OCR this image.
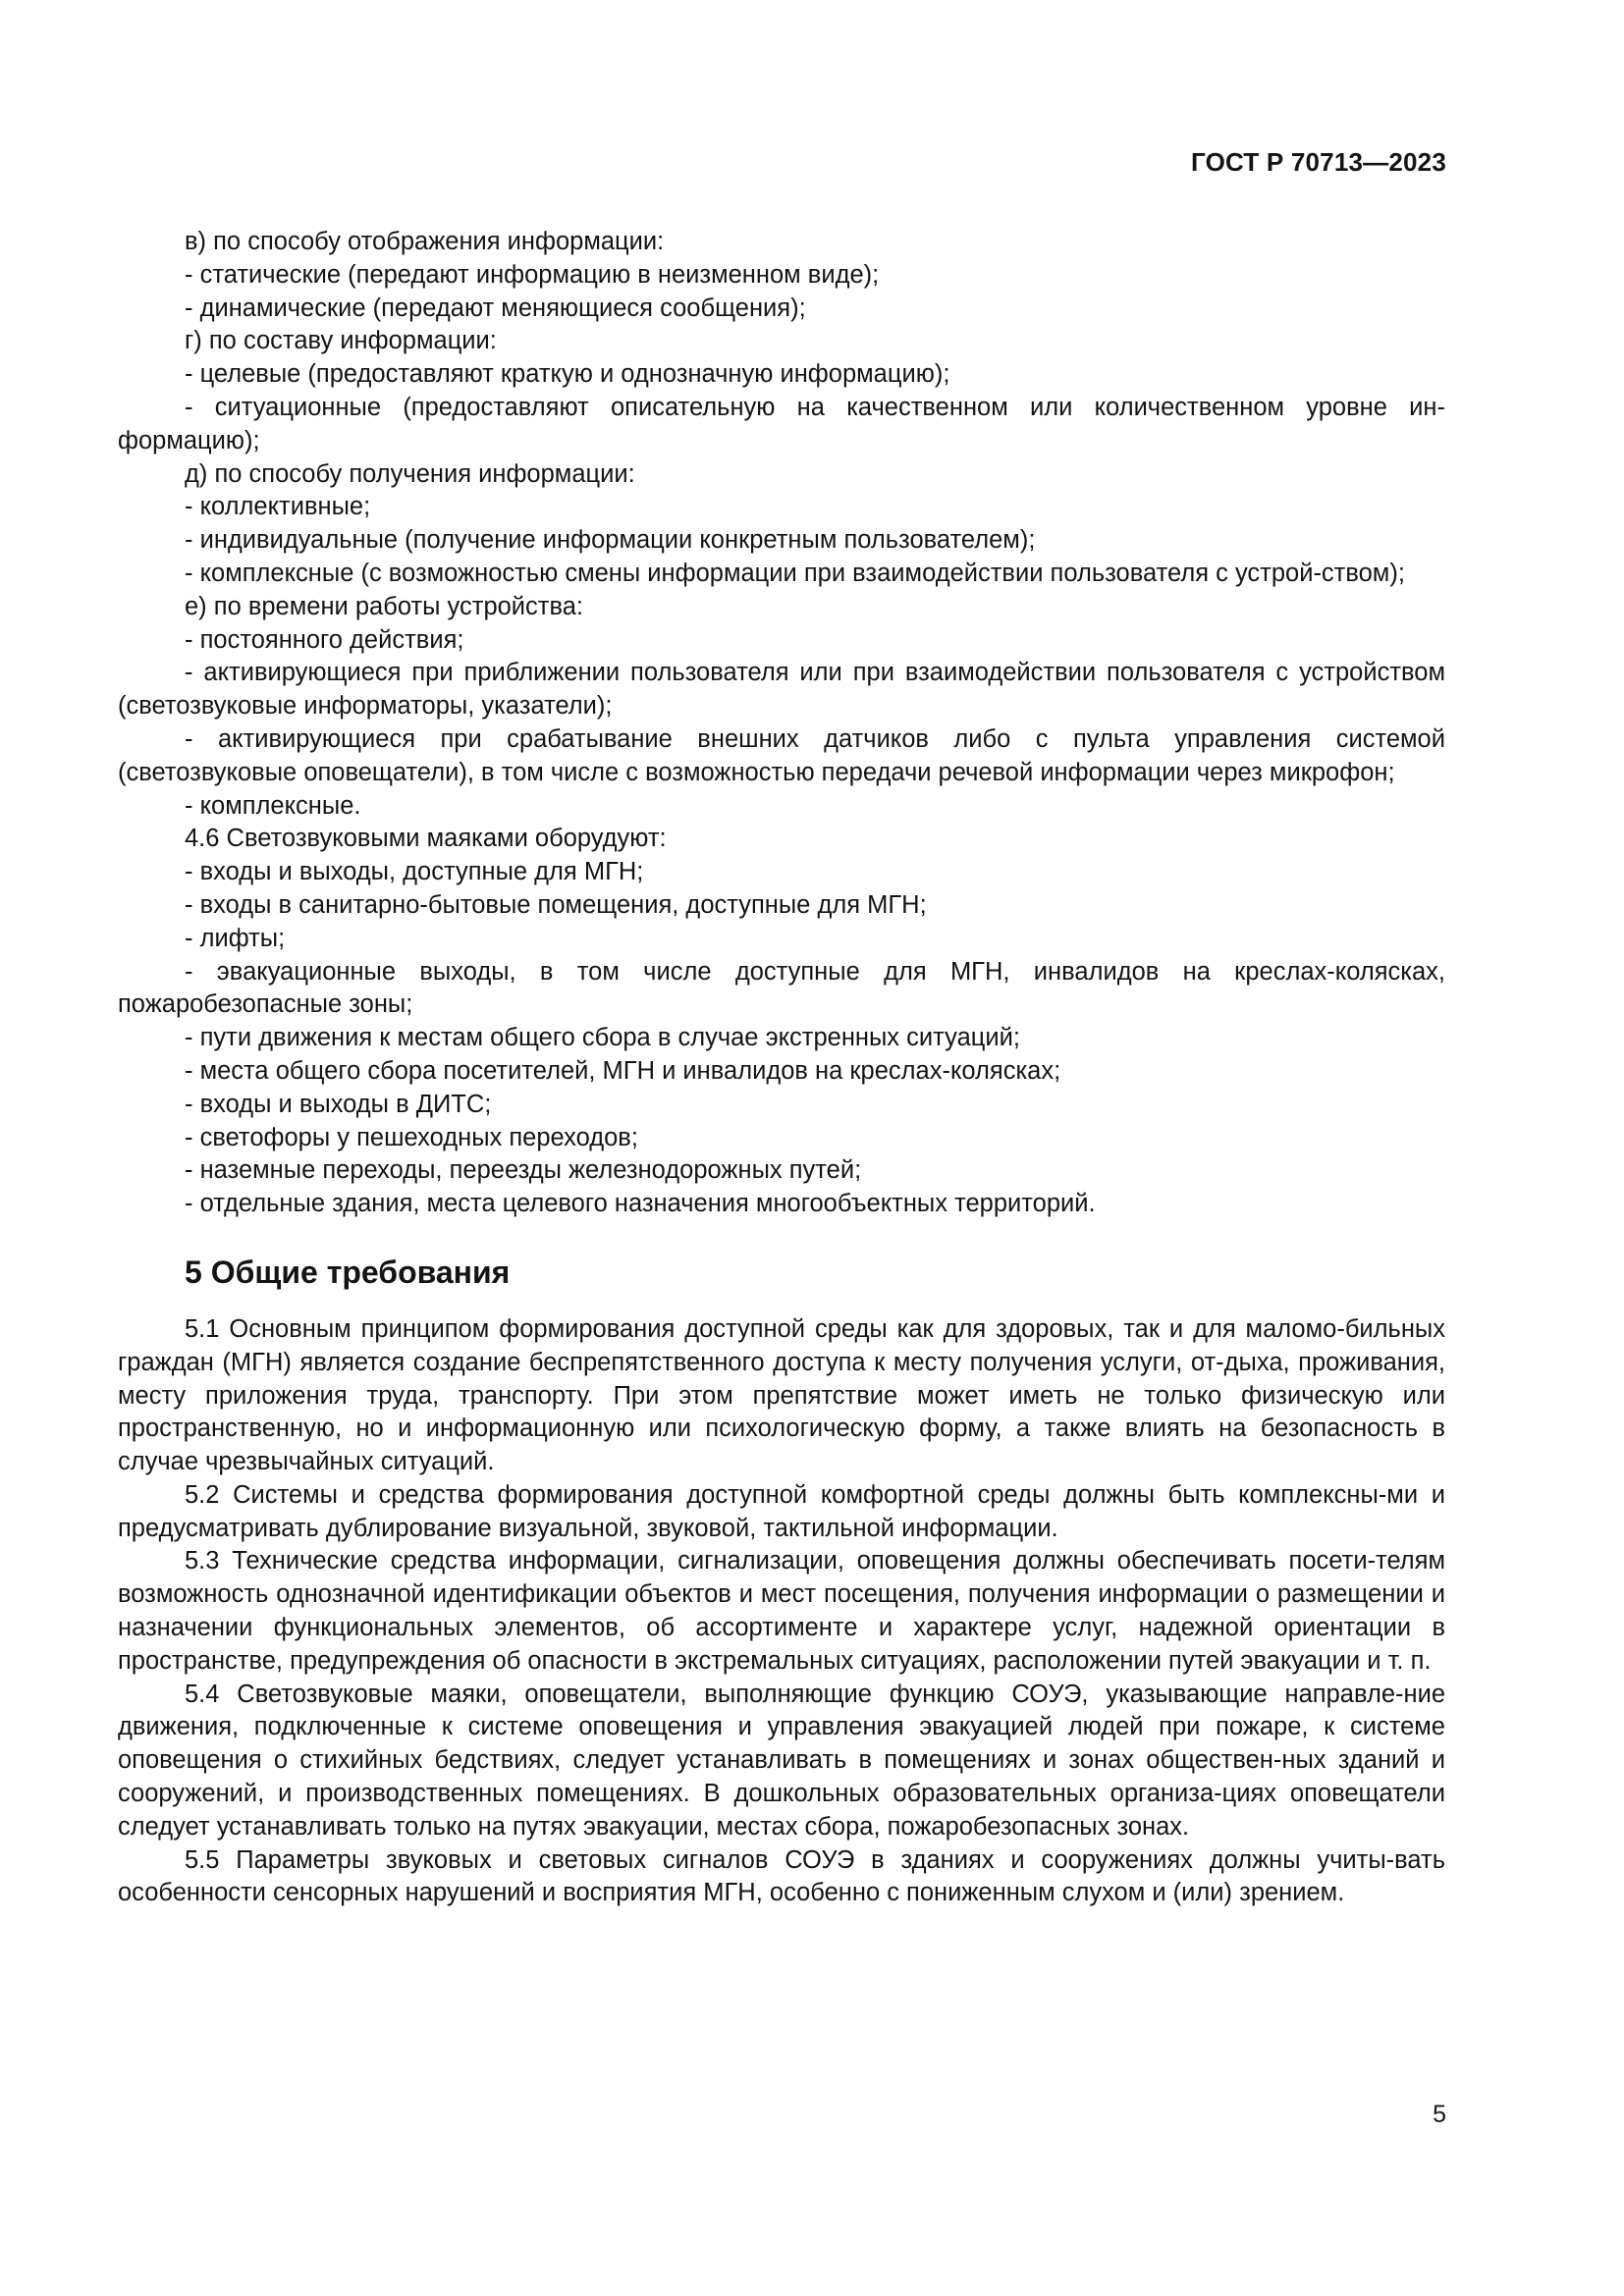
ГОСТ Р 70713—2023

в) по способу отображения информации:

- статические (передают информацию в неизменном виде);

- динамические (передают меняющиеся сообщения);

г) по составу информации:

- целевые (предоставляют краткую и однозначную информацию);

- ситуационные (предоставляют описательную на качественном или количественном уровне ин-формацию);

д) по способу получения информации:

- коллективные;

- индивидуальные (получение информации конкретным пользователем);

- комплексные (с возможностью смены информации при взаимодействии пользователя с устрой-ством);

е) по времени работы устройства:

- постоянного действия;

- активирующиеся при приближении пользователя или при взаимодействии пользователя с устройством (светозвуковые информаторы, указатели);

- активирующиеся при срабатывание внешних датчиков либо с пульта управления системой (светозвуковые оповещатели), в том числе с возможностью передачи речевой информации через микрофон;

- комплексные.

4.6 Светозвуковыми маяками оборудуют:

- входы и выходы, доступные для МГН;

- входы в санитарно-бытовые помещения, доступные для МГН;

- лифты;

- эвакуационные выходы, в том числе доступные для МГН, инвалидов на креслах-колясках, пожаробезопасные зоны;

- пути движения к местам общего сбора в случае экстренных ситуаций;

- места общего сбора посетителей, МГН и инвалидов на креслах-колясках;

- входы и выходы в ДИТС;

- светофоры у пешеходных переходов;

- наземные переходы, переезды железнодорожных путей;

- отдельные здания, места целевого назначения многообъектных территорий.

5 Общие требования

5.1 Основным принципом формирования доступной среды как для здоровых, так и для маломо-бильных граждан (МГН) является создание беспрепятственного доступа к месту получения услуги, от-дыха, проживания, месту приложения труда, транспорту. При этом препятствие может иметь не только физическую или пространственную, но и информационную или психологическую форму, а также влиять на безопасность в случае чрезвычайных ситуаций.

5.2 Системы и средства формирования доступной комфортной среды должны быть комплексны-ми и предусматривать дублирование визуальной, звуковой, тактильной информации.

5.3 Технические средства информации, сигнализации, оповещения должны обеспечивать посети-телям возможность однозначной идентификации объектов и мест посещения, получения информации о размещении и назначении функциональных элементов, об ассортименте и характере услуг, надежной ориентации в пространстве, предупреждения об опасности в экстремальных ситуациях, расположении путей эвакуации и т. п.

5.4 Светозвуковые маяки, оповещатели, выполняющие функцию СОУЭ, указывающие направле-ние движения, подключенные к системе оповещения и управления эвакуацией людей при пожаре, к системе оповещения о стихийных бедствиях, следует устанавливать в помещениях и зонах обществен-ных зданий и сооружений, и производственных помещениях. В дошкольных образовательных организа-циях оповещатели следует устанавливать только на путях эвакуации, местах сбора, пожаробезопасных зонах.

5.5 Параметры звуковых и световых сигналов СОУЭ в зданиях и сооружениях должны учиты-вать особенности сенсорных нарушений и восприятия МГН, особенно с пониженным слухом и (или) зрением.

5
